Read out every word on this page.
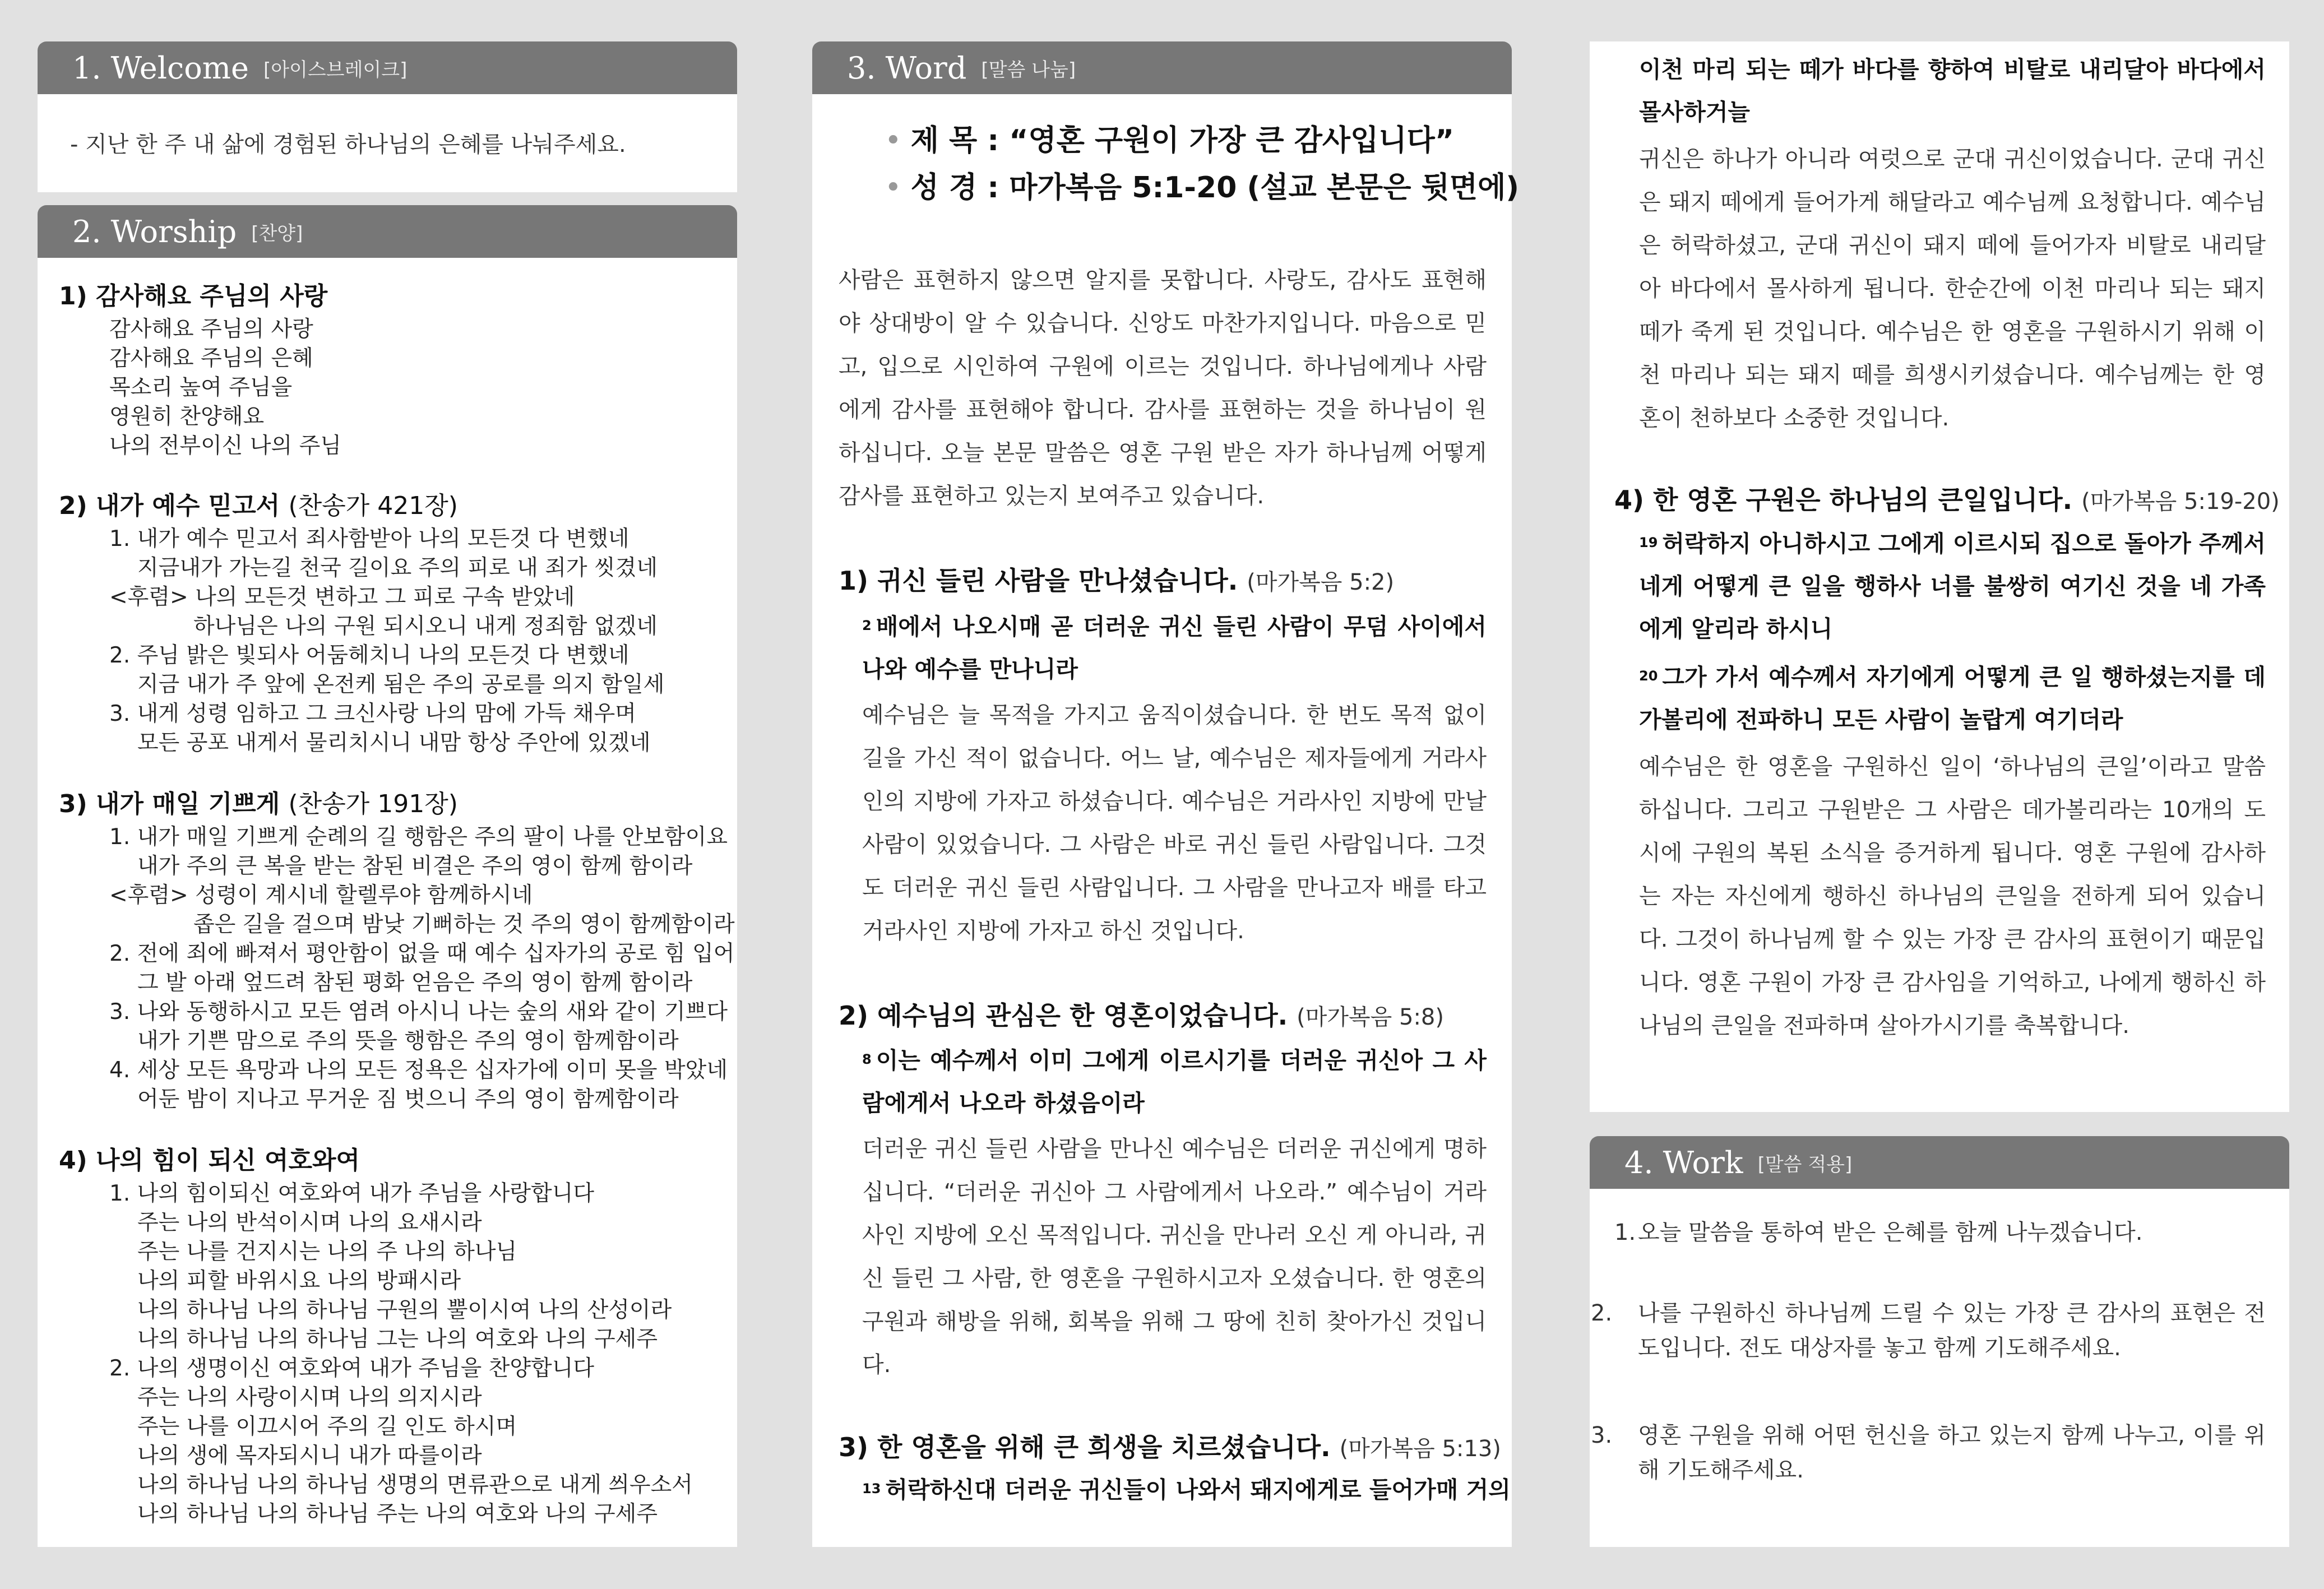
1. Welcome [아이스브레이크]
- 지난 한 주 내 삶에 경험된 하나님의 은혜를 나눠주세요.
2. Worship [찬양]
1) 감사해요 주님의 사랑
감사해요 주님의 사랑
감사해요 주님의 은혜
목소리 높여 주님을
영원히 찬양해요
나의 전부이신 나의 주님
2) 내가 예수 믿고서 (찬송가 421장)
1. 내가 예수 믿고서 죄사함받아 나의 모든것 다 변했네
지금내가 가는길 천국 길이요 주의 피로 내 죄가 씻겼네
<후렴> 나의 모든것 변하고 그 피로 구속 받았네
하나님은 나의 구원 되시오니 내게 정죄함 없겠네
2. 주님 밝은 빛되사 어둠헤치니 나의 모든것 다 변했네
지금 내가 주 앞에 온전케 됨은 주의 공로를 의지 함일세
3. 내게 성령 임하고 그 크신사랑 나의 맘에 가득 채우며
모든 공포 내게서 물리치시니 내맘 항상 주안에 있겠네
3) 내가 매일 기쁘게 (찬송가 191장)
1. 내가 매일 기쁘게 순례의 길 행함은 주의 팔이 나를 안보함이요
내가 주의 큰 복을 받는 참된 비결은 주의 영이 함께 함이라
<후렴> 성령이 계시네 할렐루야 함께하시네
좁은 길을 걸으며 밤낮 기뻐하는 것 주의 영이 함께함이라
2. 전에 죄에 빠져서 평안함이 없을 때 예수 십자가의 공로 힘 입어
그 발 아래 엎드려 참된 평화 얻음은 주의 영이 함께 함이라
3. 나와 동행하시고 모든 염려 아시니 나는 숲의 새와 같이 기쁘다
내가 기쁜 맘으로 주의 뜻을 행함은 주의 영이 함께함이라
4. 세상 모든 욕망과 나의 모든 정욕은 십자가에 이미 못을 박았네
어둔 밤이 지나고 무거운 짐 벗으니 주의 영이 함께함이라
4) 나의 힘이 되신 여호와여
1. 나의 힘이되신 여호와여 내가 주님을 사랑합니다
주는 나의 반석이시며 나의 요새시라
주는 나를 건지시는 나의 주 나의 하나님
나의 피할 바위시요 나의 방패시라
나의 하나님 나의 하나님 구원의 뿔이시여 나의 산성이라
나의 하나님 나의 하나님 그는 나의 여호와 나의 구세주
2. 나의 생명이신 여호와여 내가 주님을 찬양합니다
주는 나의 사랑이시며 나의 의지시라
주는 나를 이끄시어 주의 길 인도 하시며
나의 생에 목자되시니 내가 따를이라
나의 하나님 나의 하나님 생명의 면류관으로 내게 씌우소서
나의 하나님 나의 하나님 주는 나의 여호와 나의 구세주
3. Word [말씀 나눔]
• 제 목 : “영혼 구원이 가장 큰 감사입니다”
• 성 경 : 마가복음 5:1-20 (설교 본문은 뒷면에)
사람은 표현하지 않으면 알지를 못합니다. 사랑도, 감사도 표현해야 상대방이 알 수 있습니다. 신앙도 마찬가지입니다. 마음으로 믿고, 입으로 시인하여 구원에 이르는 것입니다. 하나님에게나 사람에게 감사를 표현해야 합니다. 감사를 표현하는 것을 하나님이 원하십니다. 오늘 본문 말씀은 영혼 구원 받은 자가 하나님께 어떻게 감사를 표현하고 있는지 보여주고 있습니다.
1) 귀신 들린 사람을 만나셨습니다. (마가복음 5:2)
$^2$ 배에서 나오시매 곧 더러운 귀신 들린 사람이 무덤 사이에서 나와 예수를 만나니라
예수님은 늘 목적을 가지고 움직이셨습니다. 한 번도 목적 없이 길을 가신 적이 없습니다. 어느 날, 예수님은 제자들에게 거라사인의 지방에 가자고 하셨습니다. 예수님은 거라사인 지방에 만날 사람이 있었습니다. 그 사람은 바로 귀신 들린 사람입니다. 그것도 더러운 귀신 들린 사람입니다. 그 사람을 만나고자 배를 타고 거라사인 지방에 가자고 하신 것입니다.
2) 예수님의 관심은 한 영혼이었습니다. (마가복음 5:8)
$^8$ 이는 예수께서 이미 그에게 이르시기를 더러운 귀신아 그 사람에게서 나오라 하셨음이라
더러운 귀신 들린 사람을 만나신 예수님은 더러운 귀신에게 명하십니다. “더러운 귀신아 그 사람에게서 나오라.” 예수님이 거라사인 지방에 오신 목적입니다. 귀신을 만나러 오신 게 아니라, 귀신 들린 그 사람, 한 영혼을 구원하시고자 오셨습니다. 한 영혼의 구원과 해방을 위해, 회복을 위해 그 땅에 친히 찾아가신 것입니다.
3) 한 영혼을 위해 큰 희생을 치르셨습니다. (마가복음 5:13)
$^{13}$ 허락하신대 더러운 귀신들이 나와서 돼지에게로 들어가매 거의
이천 마리 되는 떼가 바다를 향하여 비탈로 내리달아 바다에서 몰사하거늘
귀신은 하나가 아니라 여럿으로 군대 귀신이었습니다. 군대 귀신은 돼지 떼에게 들어가게 해달라고 예수님께 요청합니다. 예수님은 허락하셨고, 군대 귀신이 돼지 떼에 들어가자 비탈로 내리달아 바다에서 몰사하게 됩니다. 한순간에 이천 마리나 되는 돼지 떼가 죽게 된 것입니다. 예수님은 한 영혼을 구원하시기 위해 이천 마리나 되는 돼지 떼를 희생시키셨습니다. 예수님께는 한 영혼이 천하보다 소중한 것입니다.
4) 한 영혼 구원은 하나님의 큰일입니다. (마가복음 5:19-20)
$^{19}$ 허락하지 아니하시고 그에게 이르시되 집으로 돌아가 주께서 네게 어떻게 큰 일을 행하사 너를 불쌍히 여기신 것을 네 가족에게 알리라 하시니
$^{20}$ 그가 가서 예수께서 자기에게 어떻게 큰 일 행하셨는지를 데가볼리에 전파하니 모든 사람이 놀랍게 여기더라
예수님은 한 영혼을 구원하신 일이 ‘하나님의 큰일’이라고 말씀하십니다. 그리고 구원받은 그 사람은 데가볼리라는 10개의 도시에 구원의 복된 소식을 증거하게 됩니다. 영혼 구원에 감사하는 자는 자신에게 행하신 하나님의 큰일을 전하게 되어 있습니다. 그것이 하나님께 할 수 있는 가장 큰 감사의 표현이기 때문입니다. 영혼 구원이 가장 큰 감사임을 기억하고, 나에게 행하신 하나님의 큰일을 전파하며 살아가시기를 축복합니다.
4. Work [말씀 적용]
1.오늘 말씀을 통하여 받은 은혜를 함께 나누겠습니다.
2. 나를 구원하신 하나님께 드릴 수 있는 가장 큰 감사의 표현은 전도입니다. 전도 대상자를 놓고 함께 기도해주세요.
3. 영혼 구원을 위해 어떤 헌신을 하고 있는지 함께 나누고, 이를 위해 기도해주세요.
